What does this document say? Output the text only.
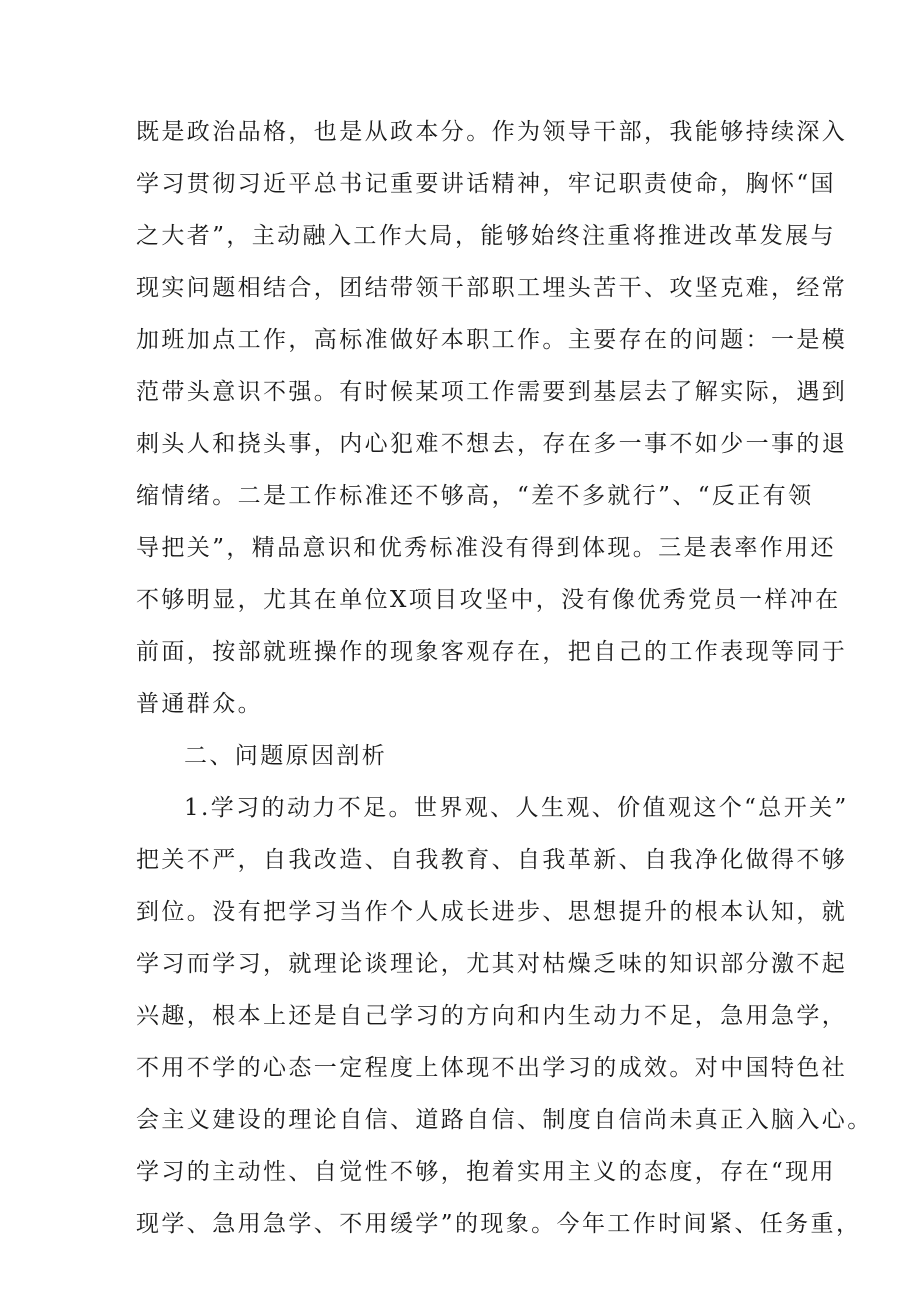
既是政治品格，也是从政本分。作为领导干部，我能够持续深入
学习贯彻习近平总书记重要讲话精神，牢记职责使命，胸怀“国
之大者”，主动融入工作大局，能够始终注重将推进改革发展与
现实问题相结合，团结带领干部职工埋头苦干、攻坚克难，经常
加班加点工作，高标准做好本职工作。主要存在的问题：一是模
范带头意识不强。有时候某项工作需要到基层去了解实际，遇到
刺头人和挠头事，内心犯难不想去，存在多一事不如少一事的退
缩情绪。二是工作标准还不够高，“差不多就行”、“反正有领
导把关”，精品意识和优秀标准没有得到体现。三是表率作用还
不够明显，尤其在单位X项目攻坚中，没有像优秀党员一样冲在
前面，按部就班操作的现象客观存在，把自己的工作表现等同于
普通群众。
二、问题原因剖析
1.学习的动力不足。世界观、人生观、价值观这个“总开关”
把关不严，自我改造、自我教育、自我革新、自我净化做得不够
到位。没有把学习当作个人成长进步、思想提升的根本认知，就
学习而学习，就理论谈理论，尤其对枯燥乏味的知识部分激不起
兴趣，根本上还是自己学习的方向和内生动力不足，急用急学，
不用不学的心态一定程度上体现不出学习的成效。对中国特色社
会主义建设的理论自信、道路自信、制度自信尚未真正入脑入心。
学习的主动性、自觉性不够，抱着实用主义的态度，存在“现用
现学、急用急学、不用缓学”的现象。今年工作时间紧、任务重，
